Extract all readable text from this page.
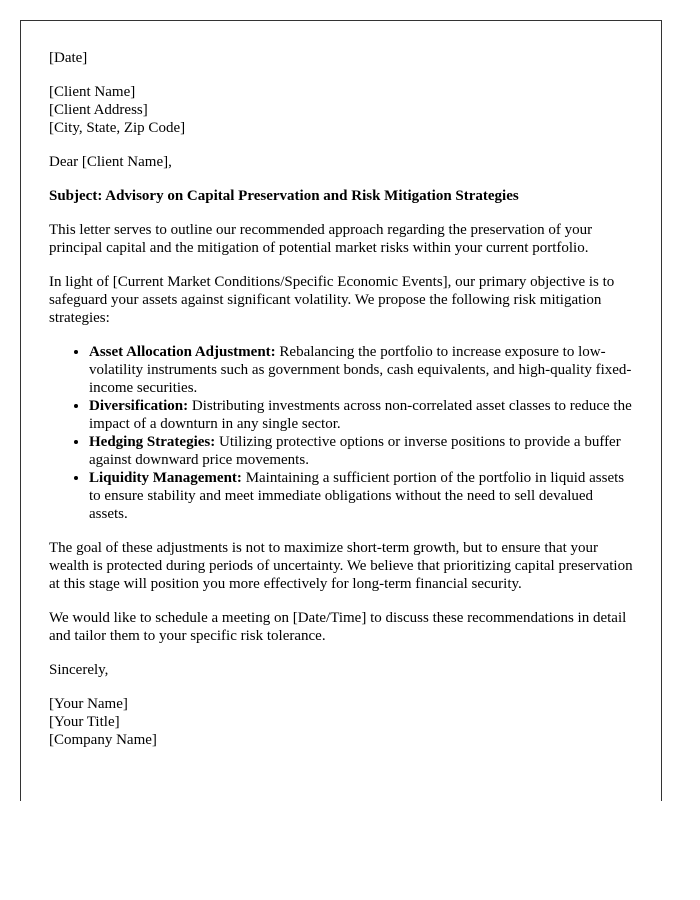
[Date]

[Client Name]
[Client Address]
[City, State, Zip Code]

Dear [Client Name],

Subject: Advisory on Capital Preservation and Risk Mitigation Strategies

This letter serves to outline our recommended approach regarding the preservation of your principal capital and the mitigation of potential market risks within your current portfolio.

In light of [Current Market Conditions/Specific Economic Events], our primary objective is to safeguard your assets against significant volatility. We propose the following risk mitigation strategies:

• Asset Allocation Adjustment: Rebalancing the portfolio to increase exposure to low-volatility instruments such as government bonds, cash equivalents, and high-quality fixed-income securities.
• Diversification: Distributing investments across non-correlated asset classes to reduce the impact of a downturn in any single sector.
• Hedging Strategies: Utilizing protective options or inverse positions to provide a buffer against downward price movements.
• Liquidity Management: Maintaining a sufficient portion of the portfolio in liquid assets to ensure stability and meet immediate obligations without the need to sell devalued assets.

The goal of these adjustments is not to maximize short-term growth, but to ensure that your wealth is protected during periods of uncertainty. We believe that prioritizing capital preservation at this stage will position you more effectively for long-term financial security.

We would like to schedule a meeting on [Date/Time] to discuss these recommendations in detail and tailor them to your specific risk tolerance.

Sincerely,

[Your Name]
[Your Title]
[Company Name]
